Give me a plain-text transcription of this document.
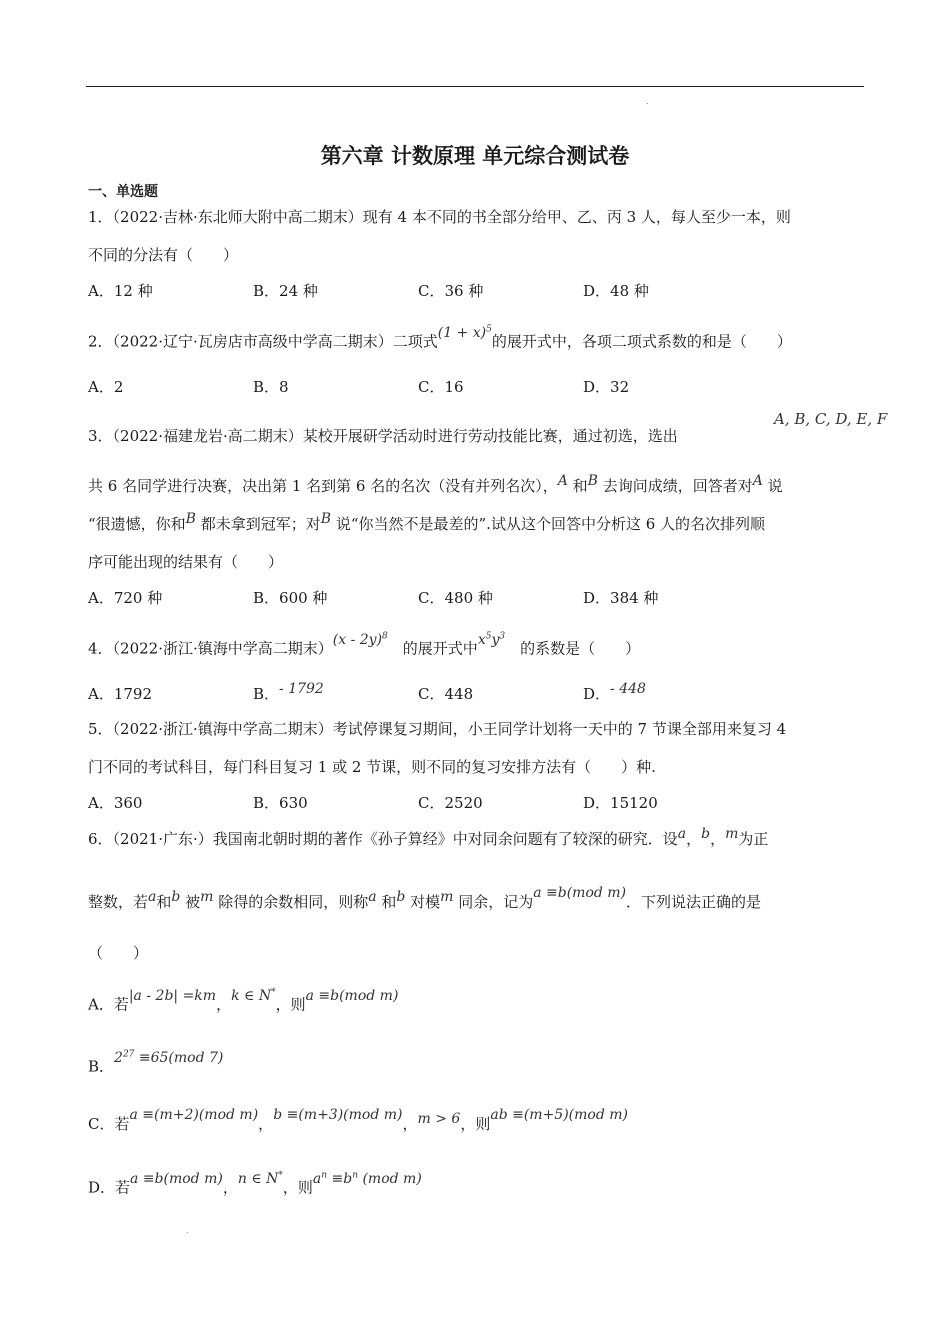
.
第六章 计数原理 单元综合测试卷
一、单选题
1．（2022·吉林·东北师大附中高二期末）现有 4 本不同的书全部分给甲、乙、丙 3 人，每人至少一本，则
不同的分法有（　　）
A．12 种	B．24 种	C．36 种	D．48 种
2．（2022·辽宁·瓦房店市高级中学高二期末）二项式$(1 + x)^5$的展开式中，各项二项式系数的和是（　　）
A．2	B．8	C．16	D．32
3．（2022·福建龙岩·高二期末）某校开展研学活动时进行劳动技能比赛，通过初选，选出
A, B, C, D, E, F
共 6 名同学进行决赛，决出第 1 名到第 6 名的名次（没有并列名次），A 和B 去询问成绩，回答者对A 说
“很遗憾，你和B 都未拿到冠军；对B 说“你当然不是最差的”.试从这个回答中分析这 6 人的名次排列顺
序可能出现的结果有（　　）
A．720 种	B．600 种	C．480 种	D．384 种
4．（2022·浙江·镇海中学高二期末）(x - 2y)$^8$　的展开式中$x^5y^3$　的系数是（　　）
A．1792	B．- 1792	C．448	D．- 448
5．（2022·浙江·镇海中学高二期末）考试停课复习期间，小王同学计划将一天中的 7 节课全部用来复习 4
门不同的考试科目，每门科目复习 1 或 2 节课，则不同的复习安排方法有（　　）种.
A．360	B．630	C．2520	D．15120
6．（2021·广东·）我国南北朝时期的著作《孙子算经》中对同余问题有了较深的研究．设a，b，m为正
整数，若a和b 被m 除得的余数相同，则称a 和b 对模m 同余，记为a ≡b(mod m)．下列说法正确的是
（　　）
A．若|a - 2b| =km，k ∈ N*，则a ≡b(mod m)
B．$2^{27} \equiv 65(mod$ 7)
C．若a ≡(m+2)(mod m)，b ≡(m+3)(mod m)，m > 6，则ab ≡(m+5)(mod m)
D．若a ≡b(mod m)，n ∈ N*，则$a^n \equiv b^n$ (mod m)
.
